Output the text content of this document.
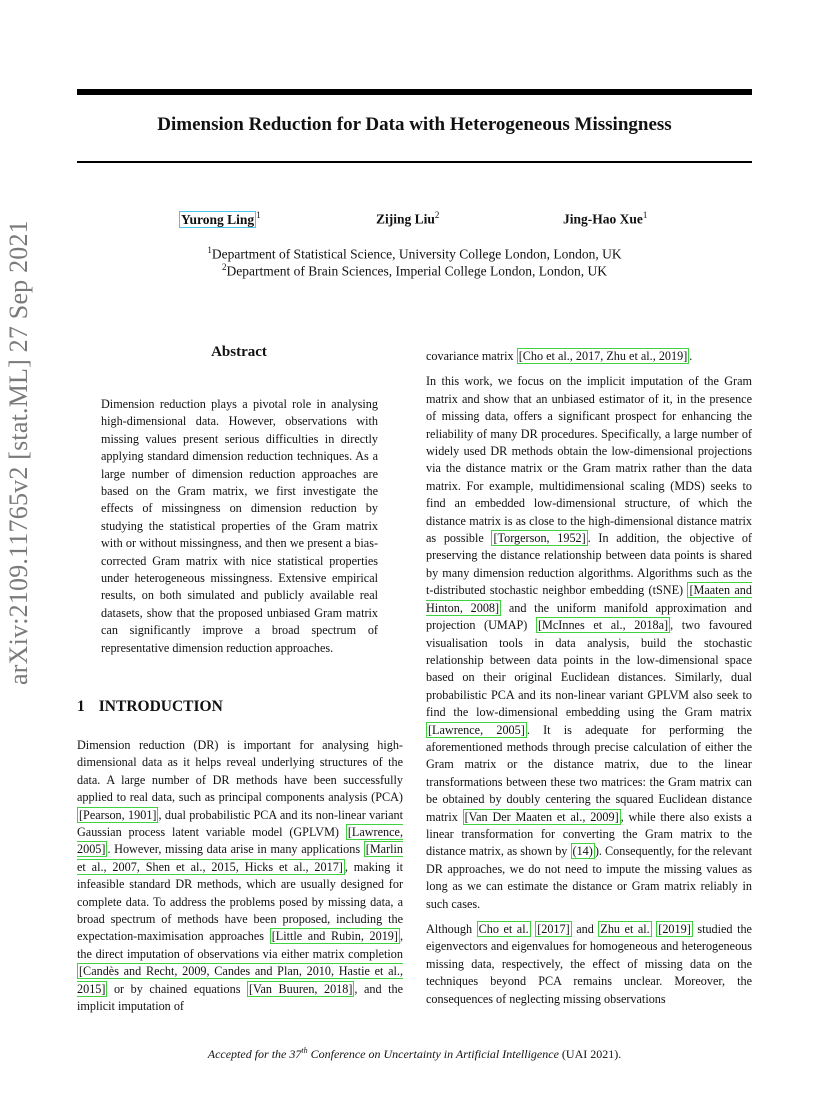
Dimension Reduction for Data with Heterogeneous Missingness
Yurong Ling $^1$	Zijing Liu$^2$	Jing-Hao Xue$^1$
$^1$Department of Statistical Science, University College London, London, UK
$^2$Department of Brain Sciences, Imperial College London, London, UK
arXiv:2109.11765v2 [stat.ML] 27 Sep 2021	Abstract
Dimension reduction plays a pivotal role in analysing high-dimensional data. However, observations with missing values present serious difficulties in directly applying standard dimension reduction techniques. As a large number of dimension reduction approaches are based on the Gram matrix, we first investigate the effects of missingness on dimension reduction by studying the statistical properties of the Gram matrix with or without missingness, and then we present a bias-corrected Gram matrix with nice statistical properties under heterogeneous missingness. Extensive empirical results, on both simulated and publicly available real datasets, show that the proposed unbiased Gram matrix can significantly improve a broad spectrum of representative dimension reduction approaches.
1 INTRODUCTION

Dimension reduction (DR) is important for analysing high-dimensional data as it helps reveal underlying structures of the data. A large number of DR methods have been successfully applied to real data, such as principal components analysis (PCA) [Pearson, 1901] , dual probabilistic PCA and its non-linear variant Gaussian process latent variable model (GPLVM) [Lawrence, 2005] . However, missing data arise in many applications [Marlin et al., 2007, Shen et al., 2015, Hicks et al., 2017] , making it infeasible standard DR methods, which are usually designed for complete data. To address the problems posed by missing data, a broad spectrum of methods have been proposed, including the expectation-maximisation approaches [Little and Rubin, 2019] , the direct imputation of observations via either matrix completion [Candès and Recht, 2009, Candes and Plan, 2010, Hastie et al., 2015] or by chained equations [Van Buuren, 2018] , and the implicit imputation of

covariance matrix [Cho et al., 2017, Zhu et al., 2019] .

In this work, we focus on the implicit imputation of the Gram matrix and show that an unbiased estimator of it, in the presence of missing data, offers a significant prospect for enhancing the reliability of many DR procedures. Specifically, a large number of widely used DR methods obtain the low-dimensional projections via the distance matrix or the Gram matrix rather than the data matrix. For example, multidimensional scaling (MDS) seeks to find an embedded low-dimensional structure, of which the distance matrix is as close to the high-dimensional distance matrix as possible [Torgerson, 1952] . In addition, the objective of preserving the distance relationship between data points is shared by many dimension reduction algorithms. Algorithms such as the t-distributed stochastic neighbor embedding (tSNE) [Maaten and Hinton, 2008] and the uniform manifold approximation and projection (UMAP) [McInnes et al., 2018a] , two favoured visualisation tools in data analysis, build the stochastic relationship between data points in the low-dimensional space based on their original Euclidean distances. Similarly, dual probabilistic PCA and its non-linear variant GPLVM also seek to find the low-dimensional embedding using the Gram matrix [Lawrence, 2005] . It is adequate for performing the aforementioned methods through precise calculation of either the Gram matrix or the distance matrix, due to the linear transformations between these two matrices: the Gram matrix can be obtained by doubly centering the squared Euclidean distance matrix [Van Der Maaten et al., 2009] , while there also exists a linear transformation for converting the Gram matrix to the distance matrix, as shown by (14) ). Consequently, for the relevant DR approaches, we do not need to impute the missing values as long as we can estimate the distance or Gram matrix reliably in such cases.

Although Cho et al. [2017] and Zhu et al. [2019] studied the eigenvectors and eigenvalues for homogeneous and heterogeneous missing data, respectively, the effect of missing data on the techniques beyond PCA remains unclear. Moreover, the consequences of neglecting missing observations

Accepted for the 37th Conference on Uncertainty in Artificial Intelligence (UAI 2021).
